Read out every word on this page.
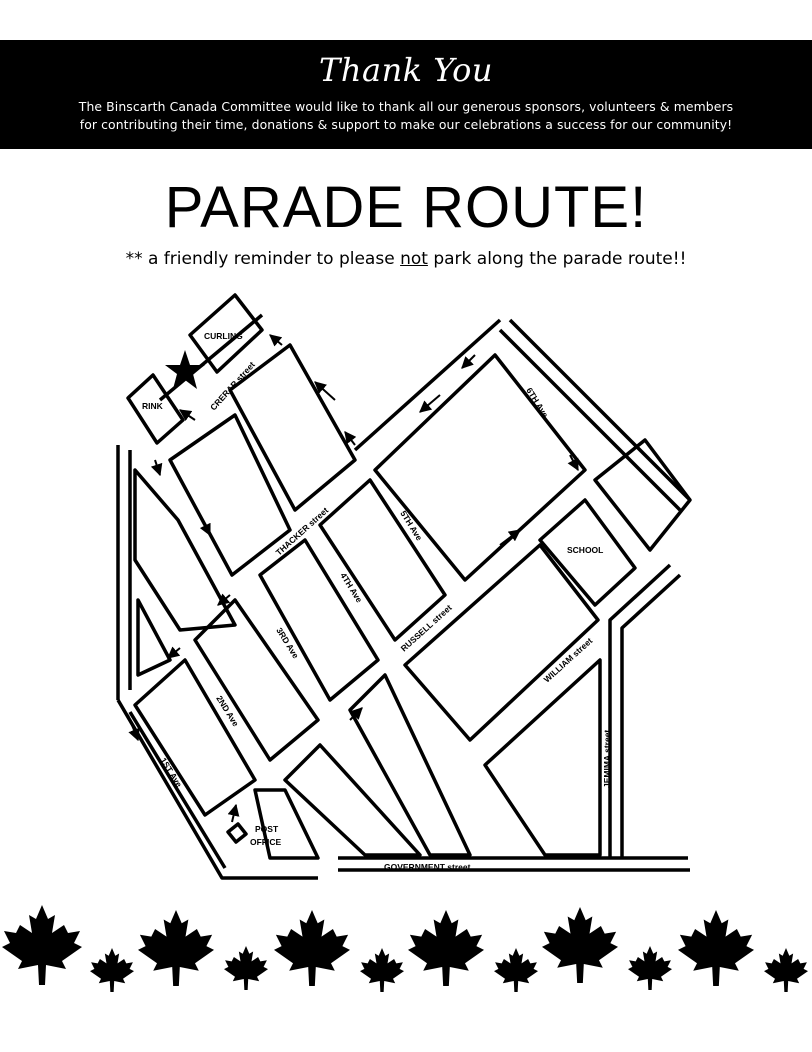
Thank You
The Binscarth Canada Committee would like to thank all our generous sponsors, volunteers & members
for contributing their time, donations & support to make our celebrations a success for our community!
PARADE ROUTE!
** a friendly reminder to please not park along the parade route!!
CURLING
RINK
SCHOOL
POST
OFFICE
CRERAR street
THACKER street
RUSSELL street
WILLIAM street
JEMIMA street
GOVERNMENT street
1ST Ave
2ND Ave
3RD Ave
4TH Ave
5TH Ave
6TH Ave
